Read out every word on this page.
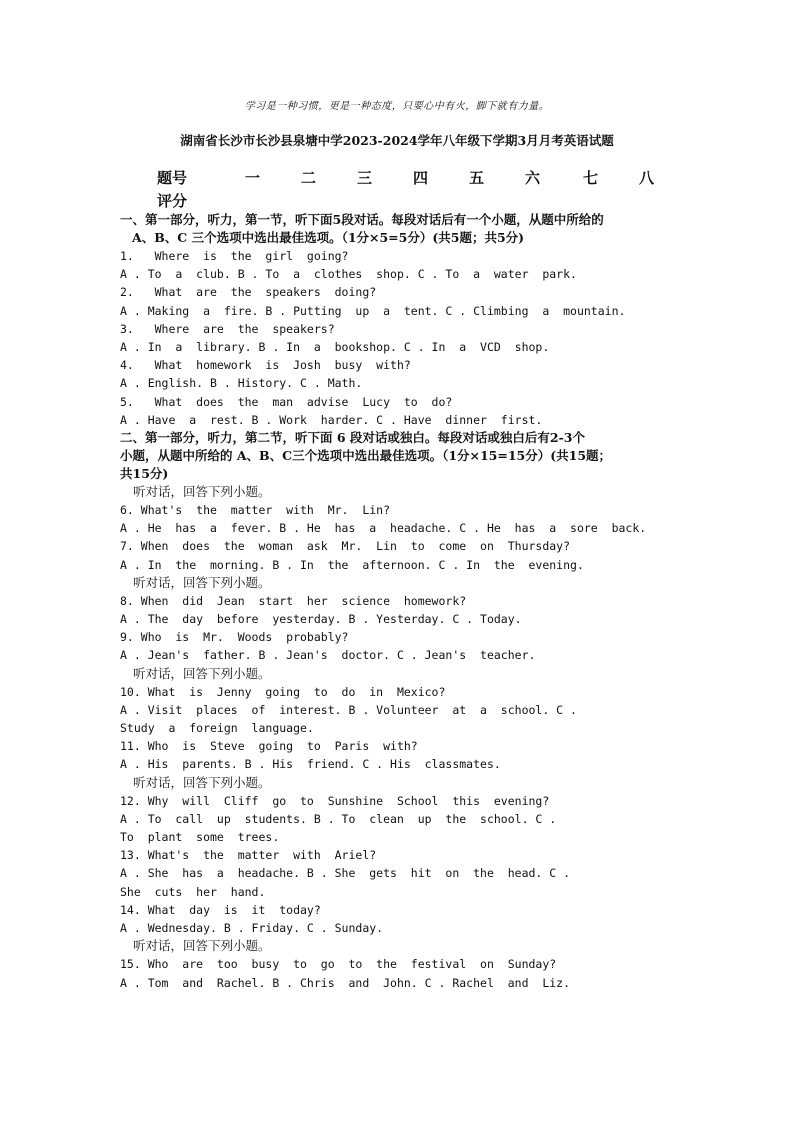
学习是一种习惯，更是一种态度，只要心中有火，脚下就有力量。
湖南省长沙市长沙县泉塘中学2023-2024学年八年级下学期3月月考英语试题
题号	一	二	三	四	五	六	七	八
评分

一、第一部分，听力，第一节，听下面5段对话。每段对话后有一个小题，从题中所给的

A、B、C 三个选项中选出最佳选项。（1分×5=5分）(共5题；共5分)

1.   Where  is  the  girl  going?

A . To  a  club. B . To  a  clothes  shop. C . To  a  water  park.

2.   What  are  the  speakers  doing?

A . Making  a  fire. B . Putting  up  a  tent. C . Climbing  a  mountain.

3.   Where  are  the  speakers?

A . In  a  library. B . In  a  bookshop. C . In  a  VCD  shop.

4.   What  homework  is  Josh  busy  with?

A . English. B . History. C . Math.

5.   What  does  the  man  advise  Lucy  to  do?

A . Have  a  rest. B . Work  harder. C . Have  dinner  first.

二、第一部分，听力，第二节，听下面 6 段对话或独白。每段对话或独白后有2-3个

小题，从题中所给的 A、B、C三个选项中选出最佳选项。（1分×15=15分）(共15题；

共15分)

听对话，回答下列小题。

6. What's  the  matter  with  Mr.  Lin?

A . He  has  a  fever. B . He  has  a  headache. C . He  has  a  sore  back.

7. When  does  the  woman  ask  Mr.  Lin  to  come  on  Thursday?

A . In  the  morning. B . In  the  afternoon. C . In  the  evening.

听对话，回答下列小题。

8. When  did  Jean  start  her  science  homework?

A . The  day  before  yesterday. B . Yesterday. C . Today.

9. Who  is  Mr.  Woods  probably?

A . Jean's  father. B . Jean's  doctor. C . Jean's  teacher.

听对话，回答下列小题。

10. What  is  Jenny  going  to  do  in  Mexico?

A . Visit  places  of  interest. B . Volunteer  at  a  school. C .

Study  a  foreign  language.

11. Who  is  Steve  going  to  Paris  with?

A . His  parents. B . His  friend. C . His  classmates.

听对话，回答下列小题。

12. Why  will  Cliff  go  to  Sunshine  School  this  evening?

A . To  call  up  students. B . To  clean  up  the  school. C .

To  plant  some  trees.

13. What's  the  matter  with  Ariel?

A . She  has  a  headache. B . She  gets  hit  on  the  head. C .

She  cuts  her  hand.

14. What  day  is  it  today?

A . Wednesday. B . Friday. C . Sunday.

听对话，回答下列小题。

15. Who  are  too  busy  to  go  to  the  festival  on  Sunday?

A . Tom  and  Rachel. B . Chris  and  John. C . Rachel  and  Liz.
